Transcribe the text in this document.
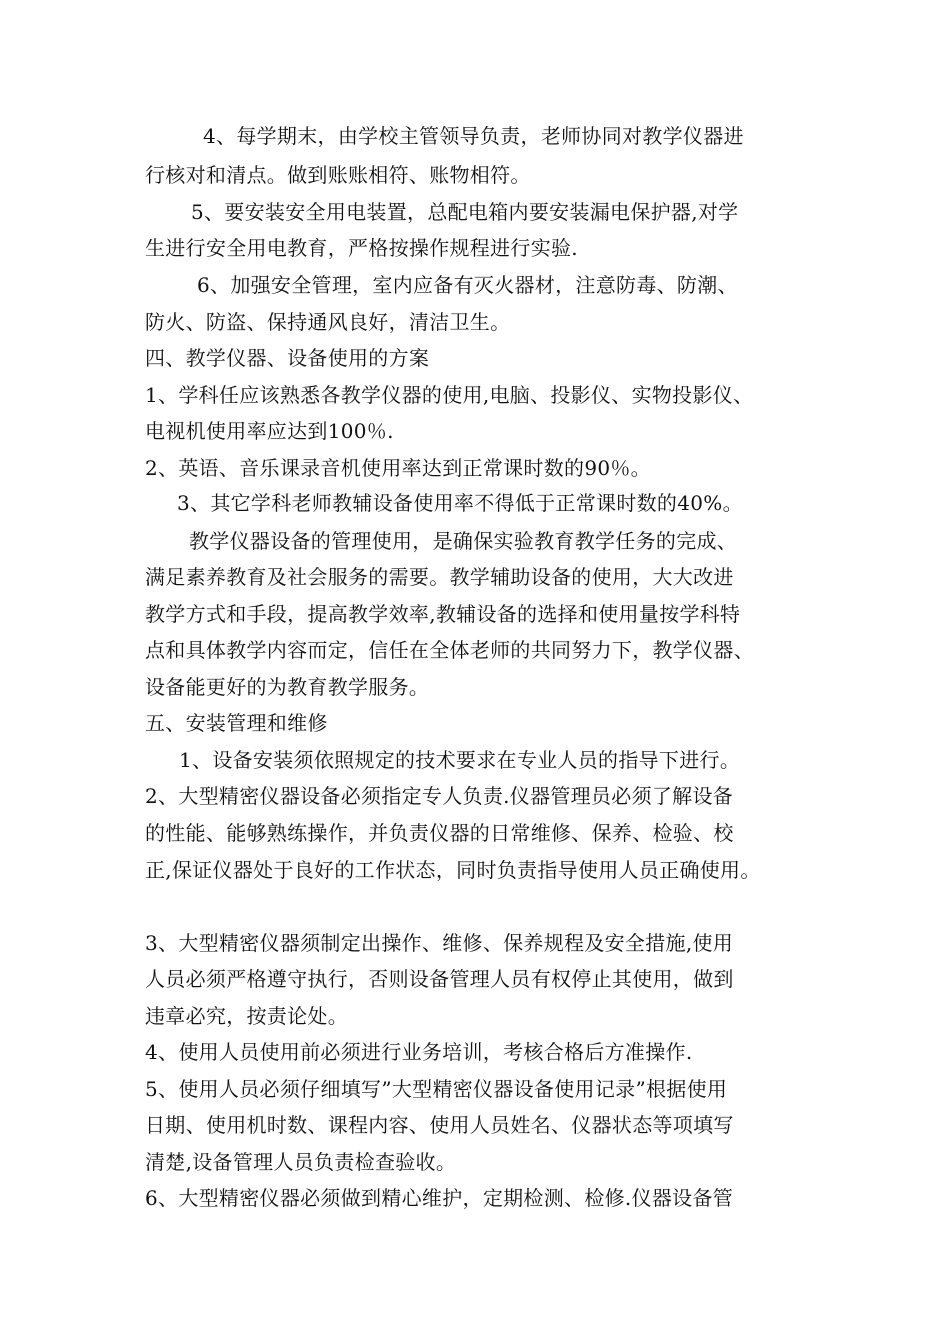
4、每学期末，由学校主管领导负责，老师协同对教学仪器进
行核对和清点。做到账账相符、账物相符。
5、要安装安全用电装置，总配电箱内要安装漏电保护器,对学
生进行安全用电教育，严格按操作规程进行实验.
6、加强安全管理，室内应备有灭火器材，注意防毒、防潮、
防火、防盗、保持通风良好，清洁卫生。
四、教学仪器、设备使用的方案
1、学科任应该熟悉各教学仪器的使用,电脑、投影仪、实物投影仪、
电视机使用率应达到100％.
2、英语、音乐课录音机使用率达到正常课时数的90％。
3、其它学科老师教辅设备使用率不得低于正常课时数的40%。
教学仪器设备的管理使用，是确保实验教育教学任务的完成、
满足素养教育及社会服务的需要。教学辅助设备的使用，大大改进
教学方式和手段，提高教学效率,教辅设备的选择和使用量按学科特
点和具体教学内容而定，信任在全体老师的共同努力下，教学仪器、
设备能更好的为教育教学服务。
五、安装管理和维修
1、设备安装须依照规定的技术要求在专业人员的指导下进行。
2、大型精密仪器设备必须指定专人负责.仪器管理员必须了解设备
的性能、能够熟练操作，并负责仪器的日常维修、保养、检验、校
正,保证仪器处于良好的工作状态，同时负责指导使用人员正确使用。
3、大型精密仪器须制定出操作、维修、保养规程及安全措施,使用
人员必须严格遵守执行，否则设备管理人员有权停止其使用，做到
违章必究，按责论处。
4、使用人员使用前必须进行业务培训，考核合格后方准操作.
5、使用人员必须仔细填写”大型精密仪器设备使用记录”根据使用
日期、使用机时数、课程内容、使用人员姓名、仪器状态等项填写
清楚,设备管理人员负责检查验收。
6、大型精密仪器必须做到精心维护，定期检测、检修.仪器设备管
